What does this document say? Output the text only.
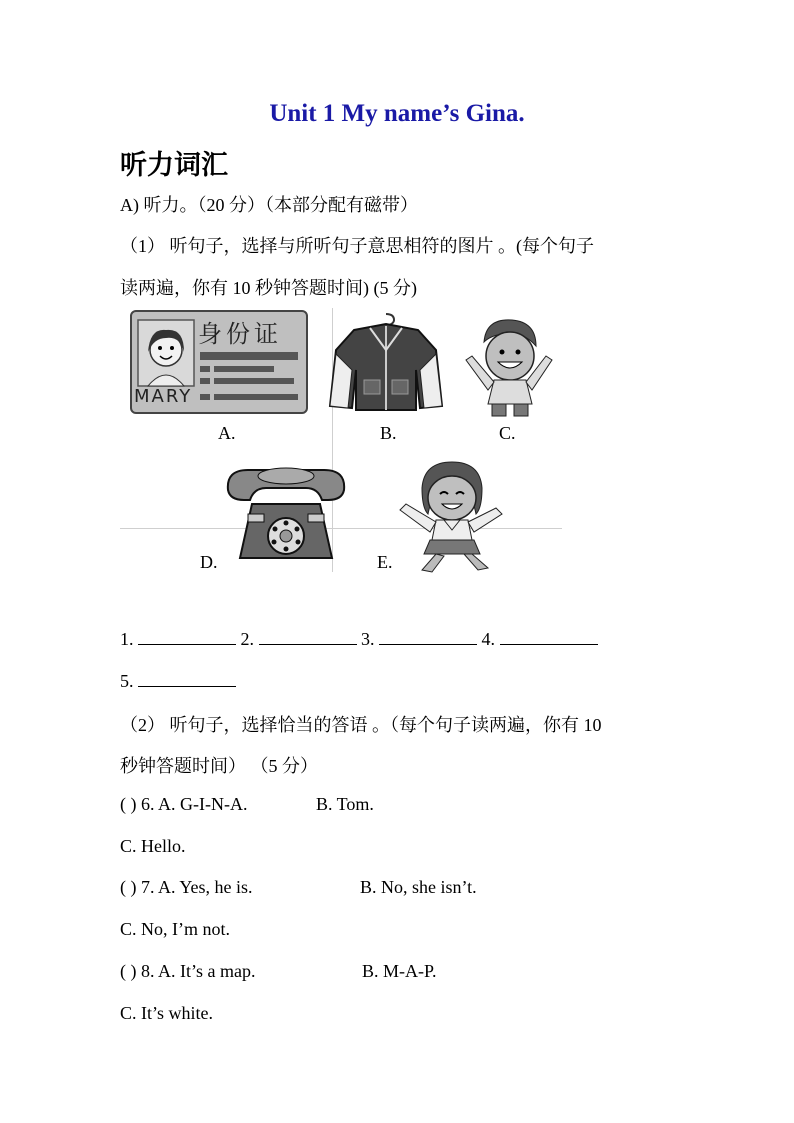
Unit 1 My name’s Gina.
听力词汇
A) 听力。（20 分）（本部分配有磁带）
（1） 听句子，选择与所听句子意思相符的图片 。(每个句子
读两遍，你有 10 秒钟答题时间) (5 分)
身份证
MARY
A.	B.	C.
D.	E.
1.	2.	3.	4.
5.
（2） 听句子，选择恰当的答语 。（每个句子读两遍，你有 10
秒钟答题时间） （5 分）
( ) 6. A. G-I-N-A.	B. Tom.
C. Hello.
( ) 7. A. Yes, he is.	B. No, she isn’t.
C. No, I’m not.
( ) 8. A. It’s a map.	B. M-A-P.
C. It’s white.
